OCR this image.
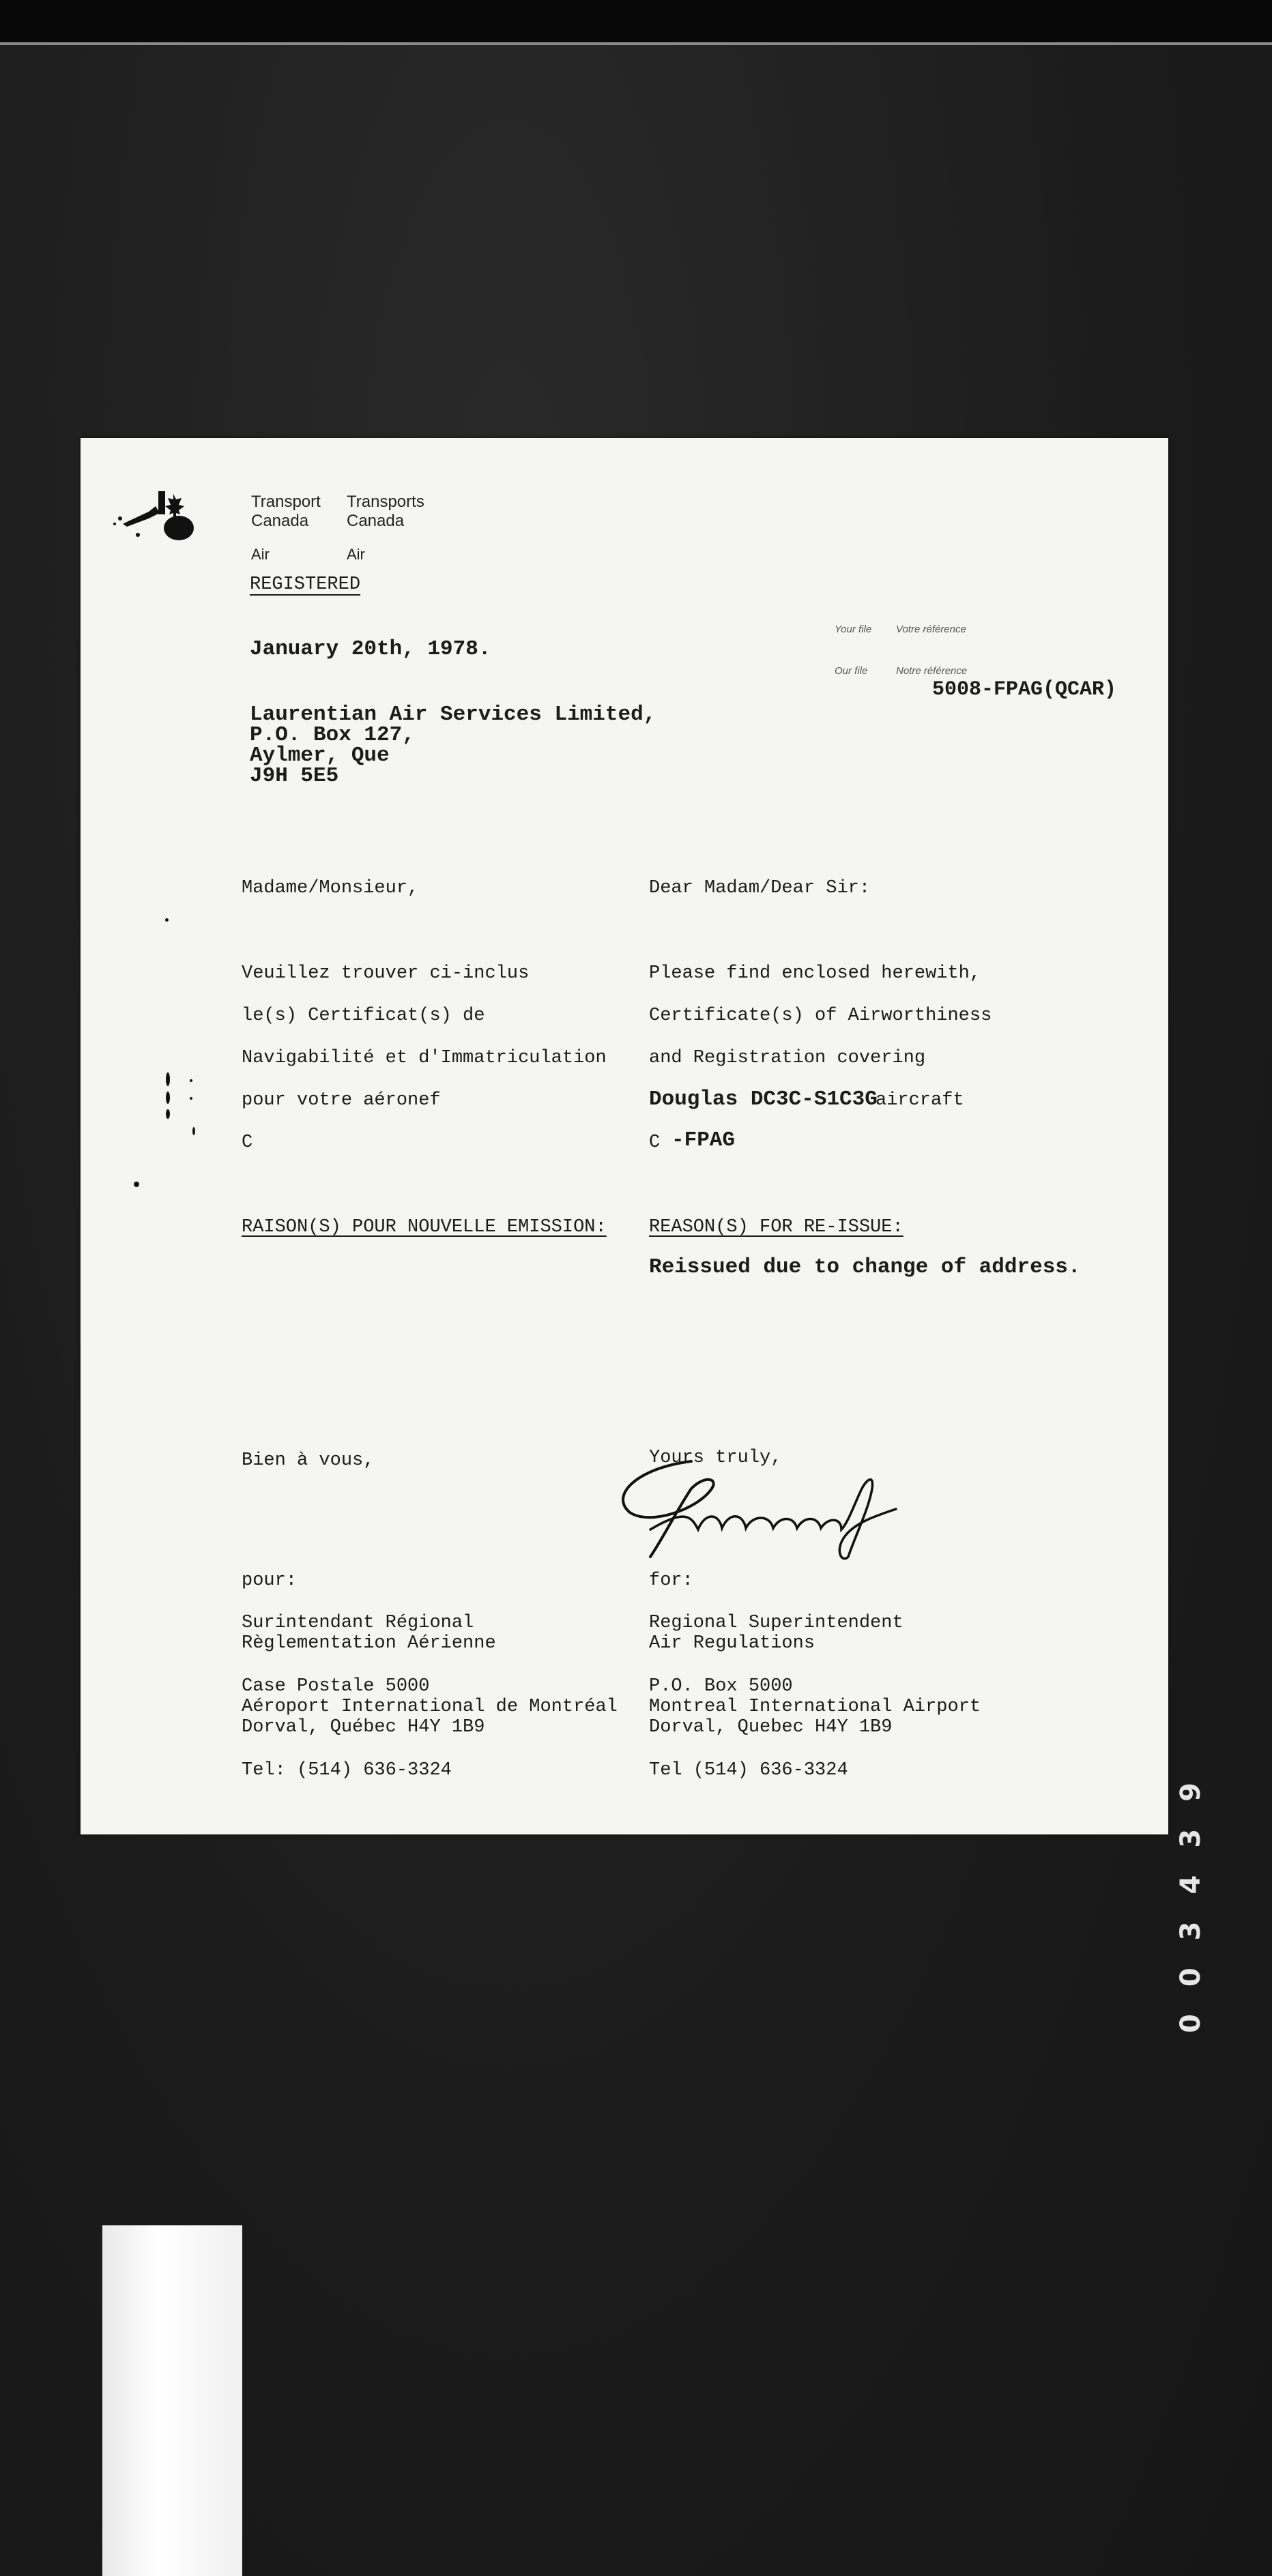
003439
Transport
Canada
Transports
Canada
Air	Air
REGISTERED
Your file Votre référence
Our file	Notre référence
5008-FPAG(QCAR)
January 20th, 1978.
Laurentian Air Services Limited,
P.O. Box 127,
Aylmer, Que
J9H 5E5
Madame/Monsieur,
Veuillez trouver ci-inclus
le(s) Certificat(s) de
Navigabilité et d'Immatriculation
pour votre aéronef
C
RAISON(S) POUR NOUVELLE EMISSION:
Dear Madam/Dear Sir:
Please find enclosed herewith,
Certificate(s) of Airworthiness
and Registration covering
Douglas DC3C-S1C3G
aircraft
C -FPAG
REASON(S) FOR RE-ISSUE:
Reissued due to change of address.
Bien à vous,	Yours truly,
pour:	for:
Surintendant Régional
Règlementation Aérienne
Regional Superintendent
Air Regulations
Case Postale 5000
Aéroport International de Montréal
Dorval, Québec H4Y 1B9
P.O. Box 5000
Montreal International Airport
Dorval, Quebec H4Y 1B9
Tel: (514) 636-3324	Tel (514) 636-3324
